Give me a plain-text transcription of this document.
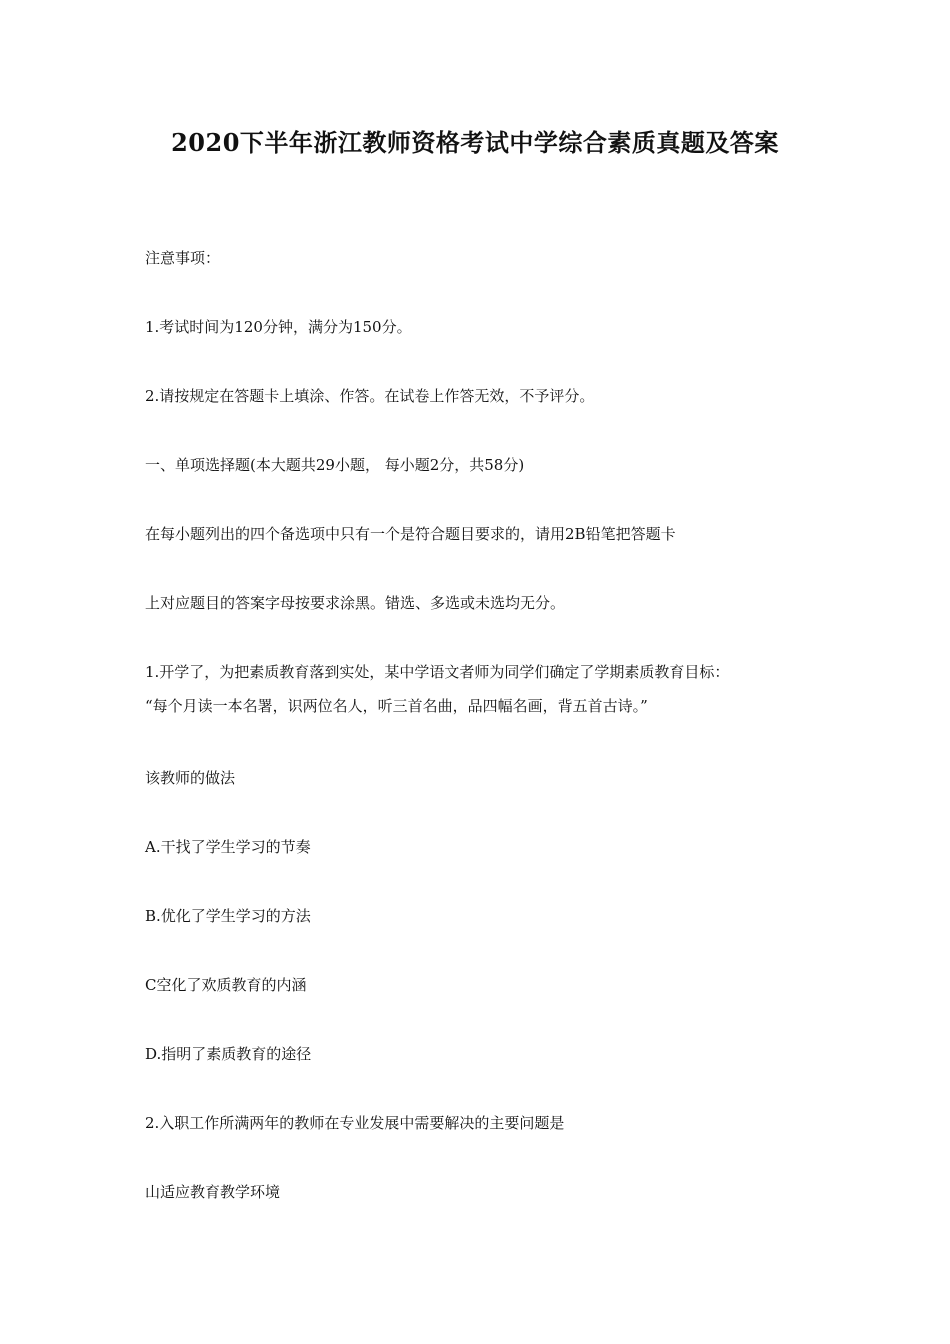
2020下半年浙江教师资格考试中学综合素质真题及答案
注意事项：
1.考试时间为120分钟，满分为150分。
2.请按规定在答题卡上填涂、作答。在试卷上作答无效，不予评分。
一、单项选择题(本大题共29小题， 每小题2分，共58分)
在每小题列出的四个备选项中只有一个是符合题目要求的，请用2B铅笔把答题卡
上对应题目的答案字母按要求涂黑。错选、多选或未选均无分。
1.开学了，为把素质教育落到实处，某中学语文者师为同学们确定了学期素质教育目标：
“每个月读一本名署，识两位名人，听三首名曲，品四幅名画，背五首古诗。”
该教师的做法
A.干找了学生学习的节奏
B.优化了学生学习的方法
C空化了欢质教育的内涵
D.指明了素质教育的途径
2.入职工作所满两年的教师在专业发展中需要解决的主要问题是
山适应教育教学环境
